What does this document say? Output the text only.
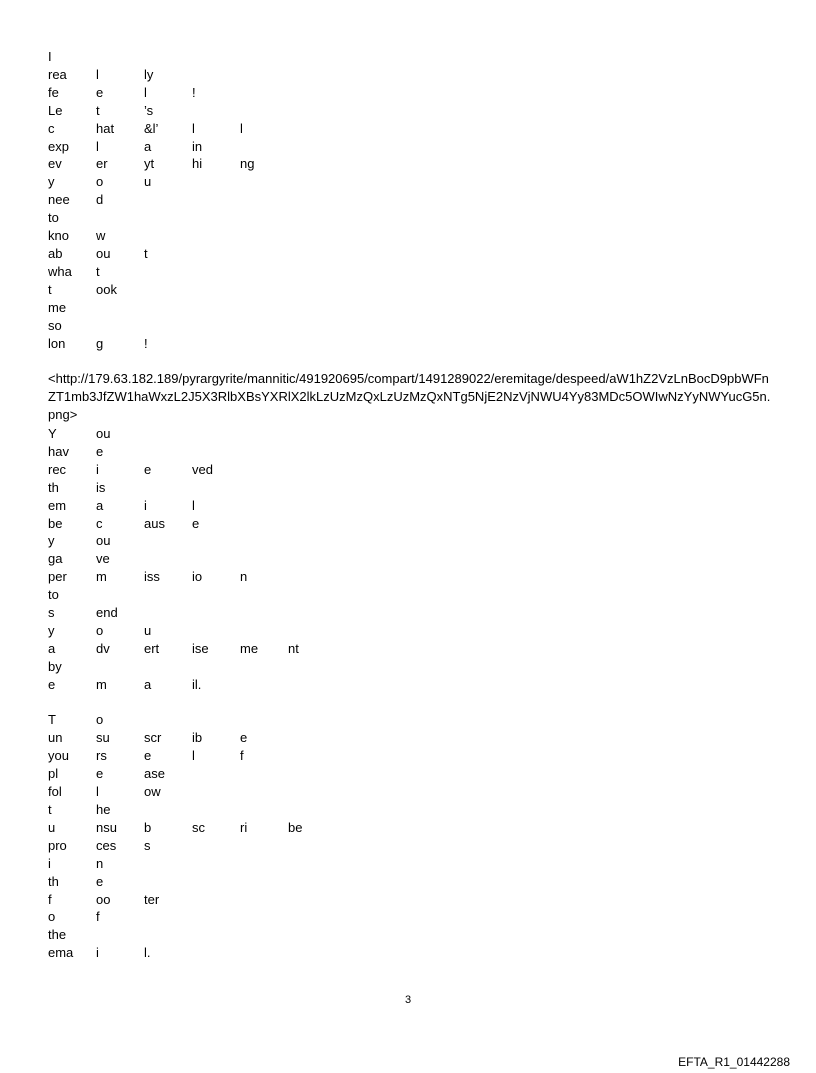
I				
rea	l	ly		
fe	e	l	!	
Le	t	’s		
c	hat	&l’	l	l
exp	l	a	in	
ev	er	yt	hi	ng
y	o	u		
nee	d			
to				
kno	w			
ab	ou	t		
wha	t			
t	ook			
me				
so				
lon	g	!		
<http://179.63.182.189/pyrargyrite/mannitic/491920695/compart/1491289022/eremitage/despeed/aW1hZ2VzLnBocD9pbWFnZT1mb3JfZW1haWxzL2J5X3RlbXBsYXRlX2lkLzUzMzQxLzUzMzQxNTg5NjE2NzVjNWU4Yy83MDc5OWIwNzYyNWYucG5n.png>
Y	ou				
hav	e				
rec	i	e	ved		
th	is				
em	a	i	l		
be	c	aus	e		
y	ou				
ga	ve				
per	m	iss	io	n	
to					
s	end				
y	o	u			
a	dv	ert	ise	me	nt
by					
e	m	a	il.		

T	o				
un	su	scr	ib	e	
you	rs	e	l	f	
pl	e	ase			
fol	l	ow			
t	he				
u	nsu	b	sc	ri	be
pro	ces	s			
i	n				
th	e				
f	oo	ter			
o	f				
the					
ema	i	l.			
3
EFTA_R1_01442288
